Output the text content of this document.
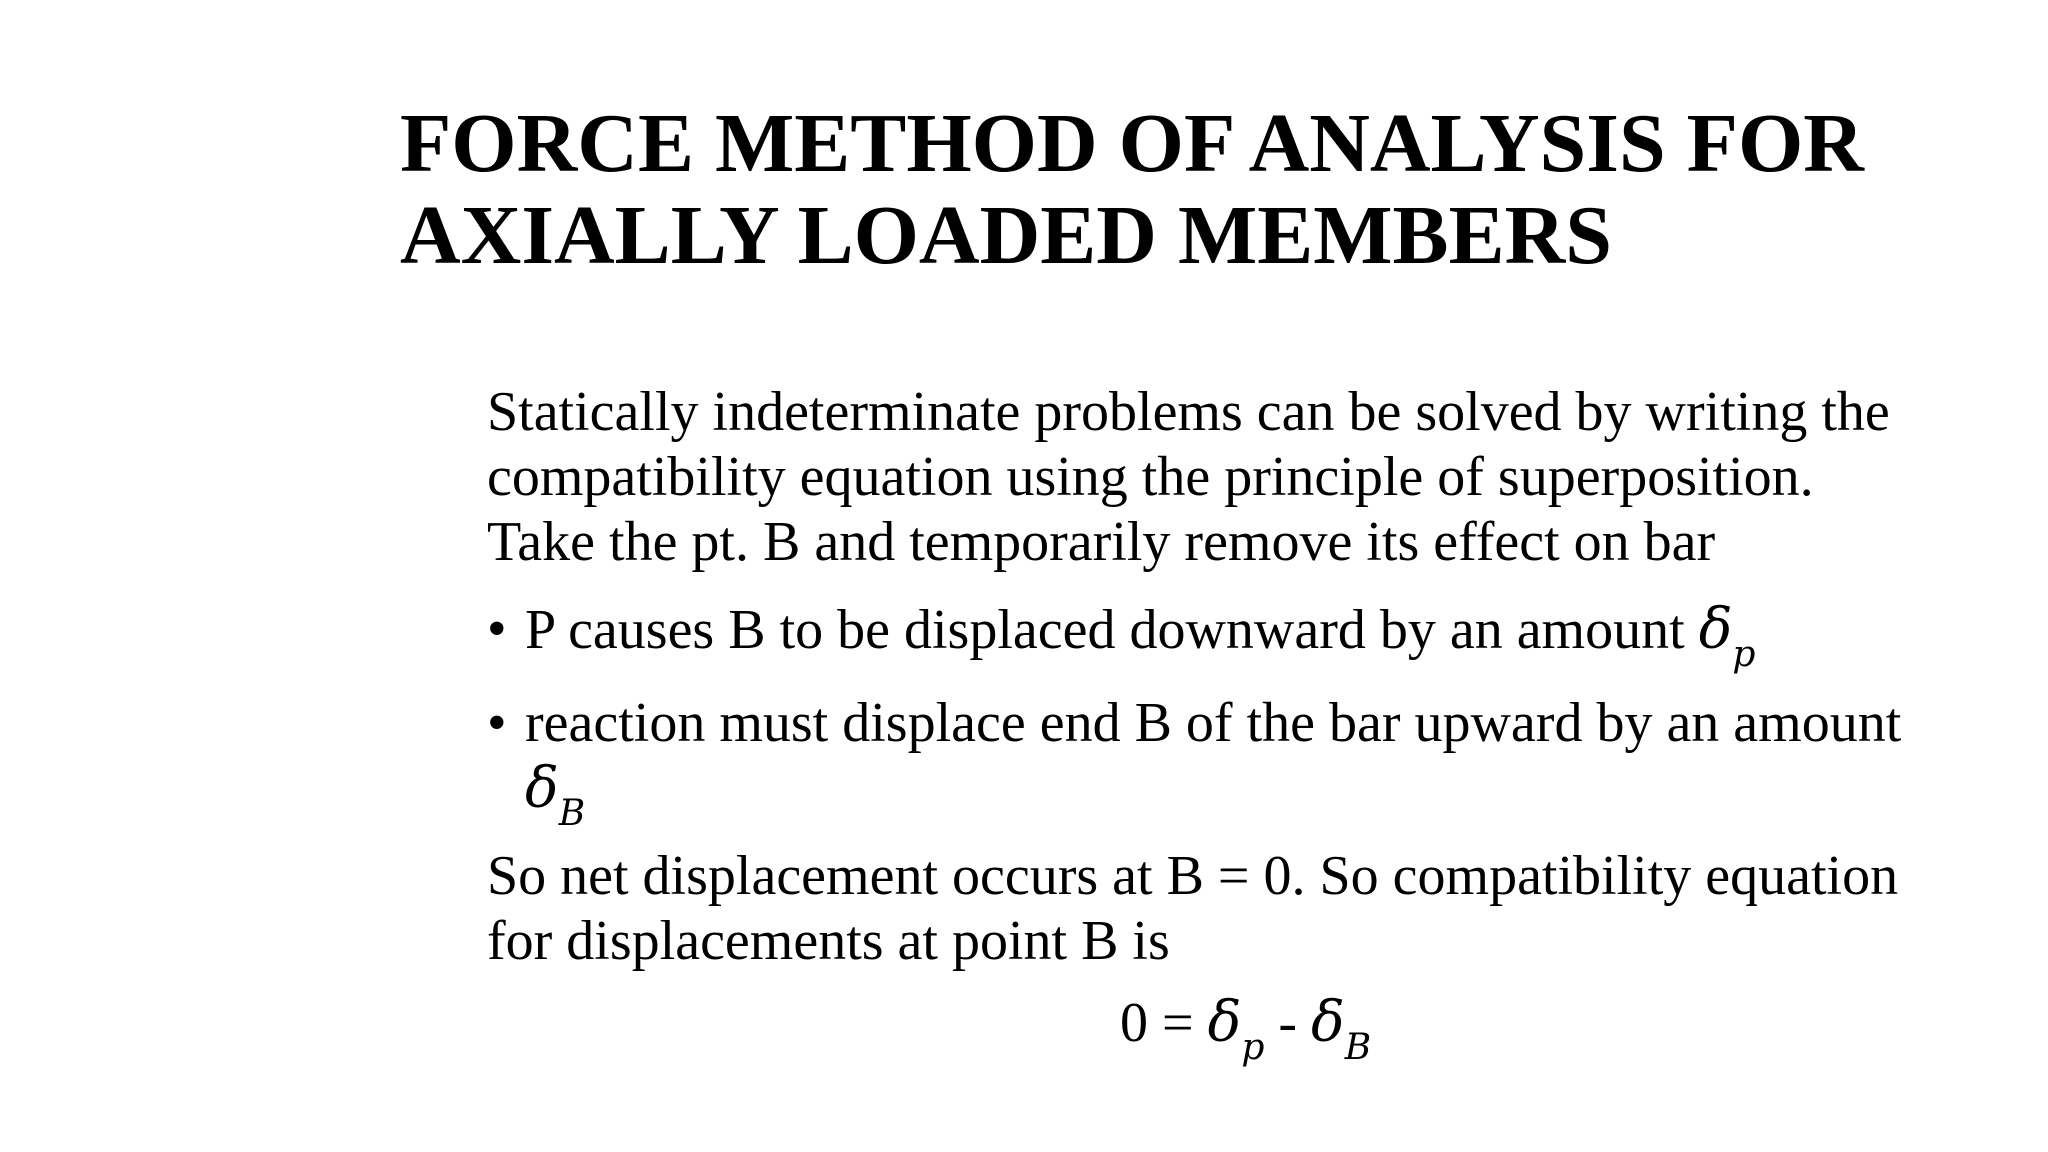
FORCE METHOD OF ANALYSIS FOR
AXIALLY LOADED MEMBERS

Statically indeterminate problems can be solved by writing the
compatibility equation using the principle of superposition.
Take the pt. B and temporarily remove its effect on bar

• P causes B to be displaced downward by an amount $\delta_p$
• reaction must displace end B of the bar upward by an amount
$\delta_B$

So net displacement occurs at B = 0. So compatibility equation
for displacements at point B is

$0 = \delta_p - \delta_B$
